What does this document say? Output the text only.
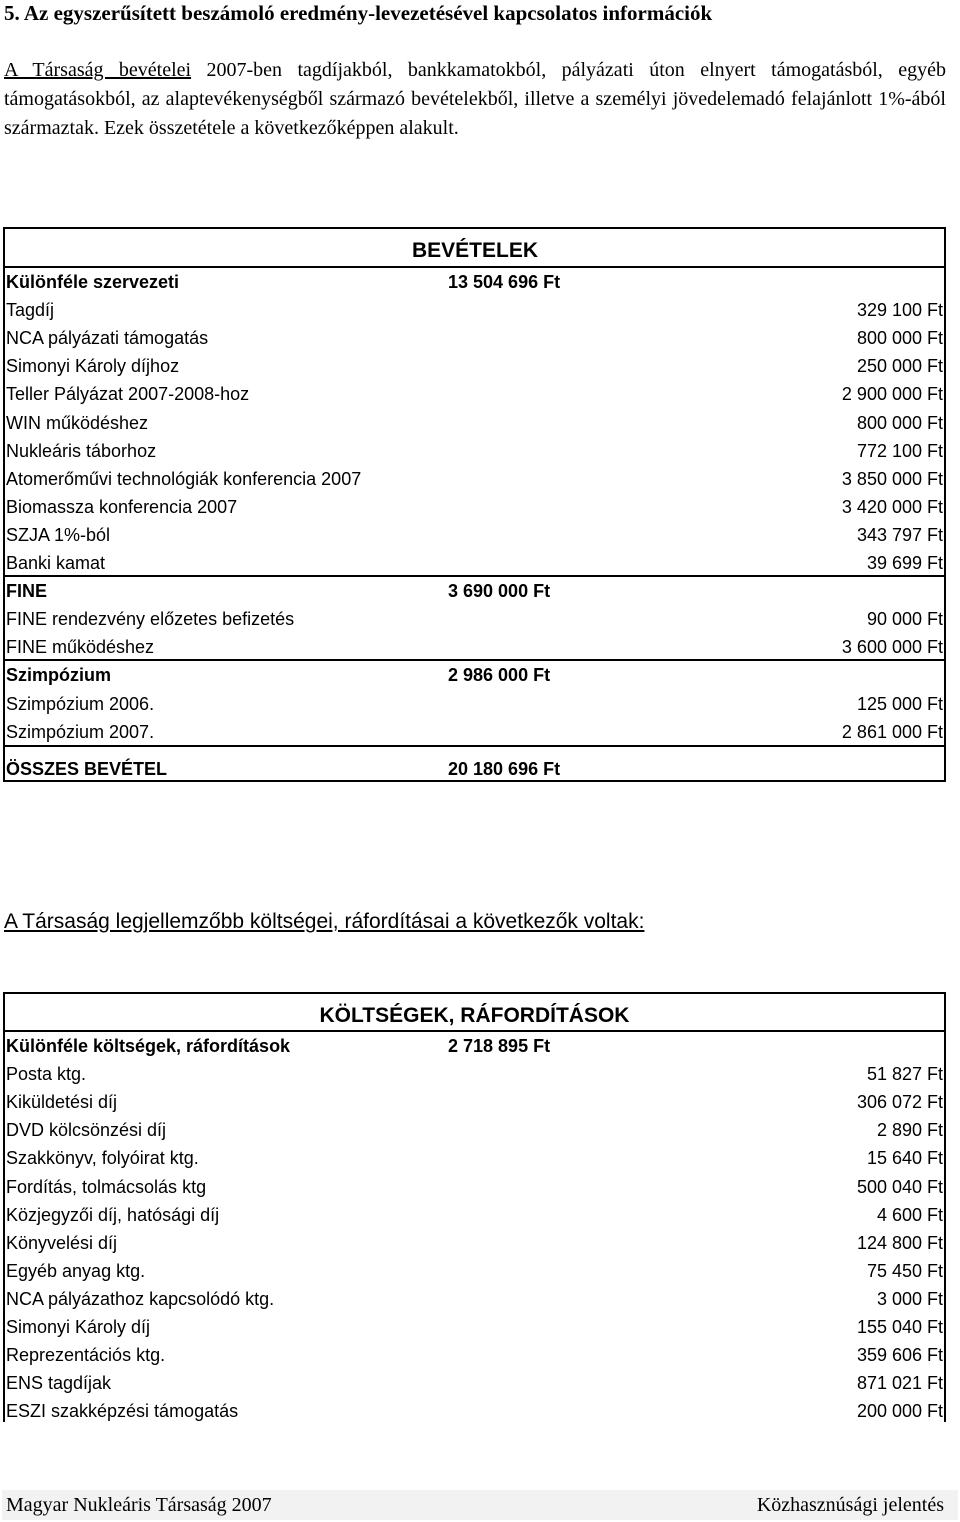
5. Az egyszerűsített beszámoló eredmény-levezetésével kapcsolatos információk
A Társaság bevételei 2007-ben tagdíjakból, bankkamatokból, pályázati úton elnyert támogatásból, egyéb támogatásokból, az alaptevékenységből származó bevételekből, illetve a személyi jövedelemadó felajánlott 1%-ából származtak. Ezek összetétele a következőképpen alakult.
BEVÉTELEK
Különféle szervezeti	13 504 696 Ft
Tagdíj	329 100 Ft
NCA pályázati támogatás	800 000 Ft
Simonyi Károly díjhoz	250 000 Ft
Teller Pályázat 2007-2008-hoz	2 900 000 Ft
WIN működéshez	800 000 Ft
Nukleáris táborhoz	772 100 Ft
Atomerőművi technológiák konferencia 2007	3 850 000 Ft
Biomassza konferencia 2007	3 420 000 Ft
SZJA 1%-ból	343 797 Ft
Banki kamat	39 699 Ft
FINE	3 690 000 Ft
FINE rendezvény előzetes befizetés	90 000 Ft
FINE működéshez	3 600 000 Ft
Szimpózium	2 986 000 Ft
Szimpózium 2006.	125 000 Ft
Szimpózium 2007.	2 861 000 Ft
ÖSSZES BEVÉTEL	20 180 696 Ft
A Társaság legjellemzőbb költségei, ráfordításai a következők voltak:
KÖLTSÉGEK, RÁFORDÍTÁSOK
Különféle költségek, ráfordítások	2 718 895 Ft
Posta ktg.	51 827 Ft
Kiküldetési díj	306 072 Ft
DVD kölcsönzési díj	2 890 Ft
Szakkönyv, folyóirat ktg.	15 640 Ft
Fordítás, tolmácsolás ktg	500 040 Ft
Közjegyzői díj, hatósági díj	4 600 Ft
Könyvelési díj	124 800 Ft
Egyéb anyag ktg.	75 450 Ft
NCA pályázathoz kapcsolódó ktg.	3 000 Ft
Simonyi Károly díj	155 040 Ft
Reprezentációs ktg.	359 606 Ft
ENS tagdíjak	871 021 Ft
ESZI szakképzési támogatás	200 000 Ft
Magyar Nukleáris Társaság 2007	Közhasznúsági jelentés
